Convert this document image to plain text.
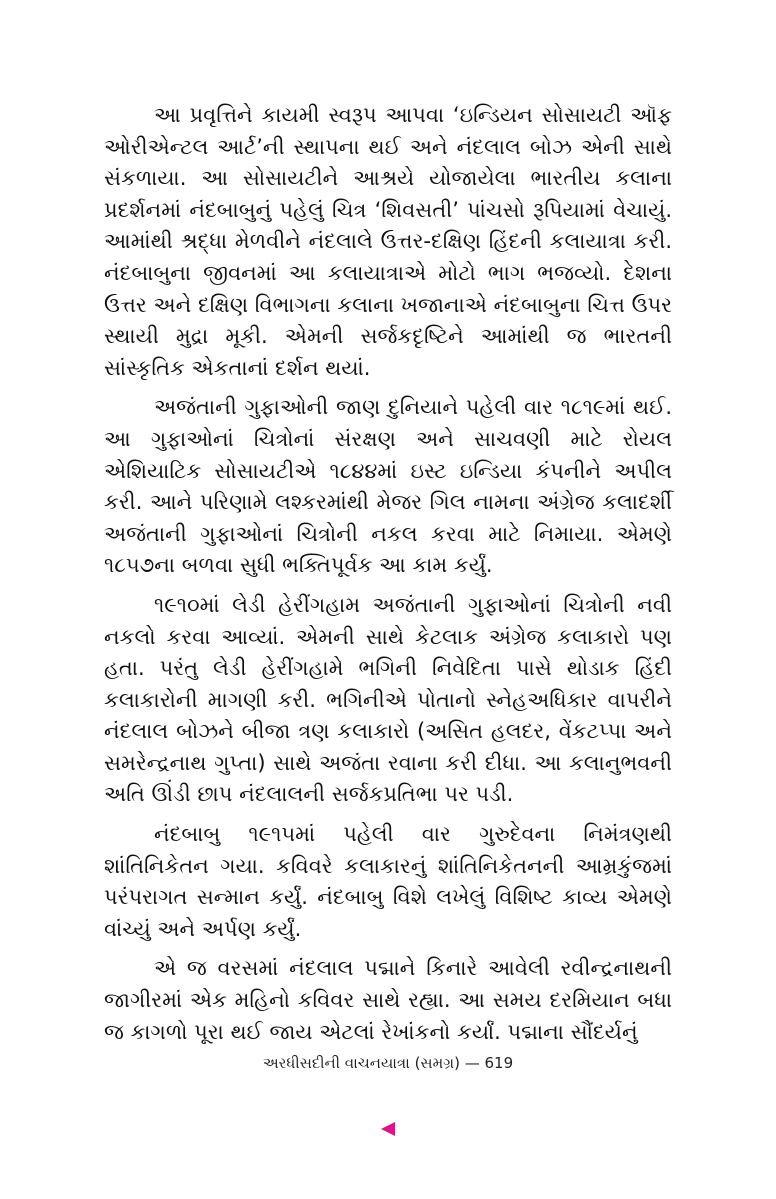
આ પ્રવૃત્તિને કાયમી સ્વરૂપ આપવા ‘ઇન્ડિયન સોસાયટી ઑફ ઓરીએન્ટલ આર્ટ’ની સ્થાપના થઈ અને નંદલાલ બોઝ એની સાથે સંકળાયા. આ સોસાયટીને આશ્રયે યોજાયેલા ભારતીય કલાના પ્રદર્શનમાં નંદબાબુનું પહેલું ચિત્ર ‘શિવસતી’ પાંચસો રૂપિયામાં વેચાયું. આમાંથી શ્રદ્ધા મેળવીને નંદલાલે ઉત્તર-દક્ષિણ હિંદની કલાયાત્રા કરી. નંદબાબુના જીવનમાં આ કલાયાત્રાએ મોટો ભાગ ભજવ્યો. દેશના ઉત્તર અને દક્ષિણ વિભાગના કલાના ખજાનાએ નંદબાબુના ચિત્ત ઉપર સ્થાયી મુદ્રા મૂકી. એમની સર્જકદૃષ્ટિને આમાંથી જ ભારતની સાંસ્કૃતિક એકતાનાં દર્શન થયાં.

અજંતાની ગુફાઓની જાણ દુનિયાને પહેલી વાર ૧૮૧૯માં થઈ. આ ગુફાઓનાં ચિત્રોનાં સંરક્ષણ અને સાચવણી માટે રોયલ એશિયાટિક સોસાયટીએ ૧૮૪૪માં ઇસ્ટ ઇન્ડિયા કંપનીને અપીલ કરી. આને પરિણામે લશ્કરમાંથી મેજર ગિલ નામના અંગ્રેજ કલાદર્શી અજંતાની ગુફાઓનાં ચિત્રોની નકલ કરવા માટે નિમાયા. એમણે ૧૮૫૭ના બળવા સુધી ભક્તિપૂર્વક આ કામ કર્યું.

૧૯૧૦માં લેડી હેરીંગહામ અજંતાની ગુફાઓનાં ચિત્રોની નવી નકલો કરવા આવ્યાં. એમની સાથે કેટલાક અંગ્રેજ કલાકારો પણ હતા. પરંતુ લેડી હેરીંગહામે ભગિની નિવેદિતા પાસે થોડાક હિંદી કલાકારોની માગણી કરી. ભગિનીએ પોતાનો સ્નેહઅધિકાર વાપરીને નંદલાલ બોઝને બીજા ત્રણ કલાકારો (અસિત હલદર, વેંકટપ્પા અને સમરેન્દ્રનાથ ગુપ્તા) સાથે અજંતા રવાના કરી દીધા. આ કલાનુભવની અતિ ઊંડી છાપ નંદલાલની સર્જકપ્રતિભા પર પડી.

નંદબાબુ ૧૯૧૫માં પહેલી વાર ગુરુદેવના નિમંત્રણથી શાંતિનિકેતન ગયા. કવિવરે કલાકારનું શાંતિનિકેતનની આમ્રકુંજમાં પરંપરાગત સન્માન કર્યું. નંદબાબુ વિશે લખેલું વિશિષ્ટ કાવ્ય એમણે વાંચ્યું અને અર્પણ કર્યું.

એ જ વરસમાં નંદલાલ પદ્માને કિનારે આવેલી રવીન્દ્રનાથની જાગીરમાં એક મહિનો કવિવર સાથે રહ્યા. આ સમય દરમિયાન બધા જ કાગળો પૂરા થઈ જાય એટલાં રેખાંકનો કર્યાં. પદ્માના સૌંદર્યનું

અરધીસદીની વાચનયાત્રા (સમગ્ર) — 619
